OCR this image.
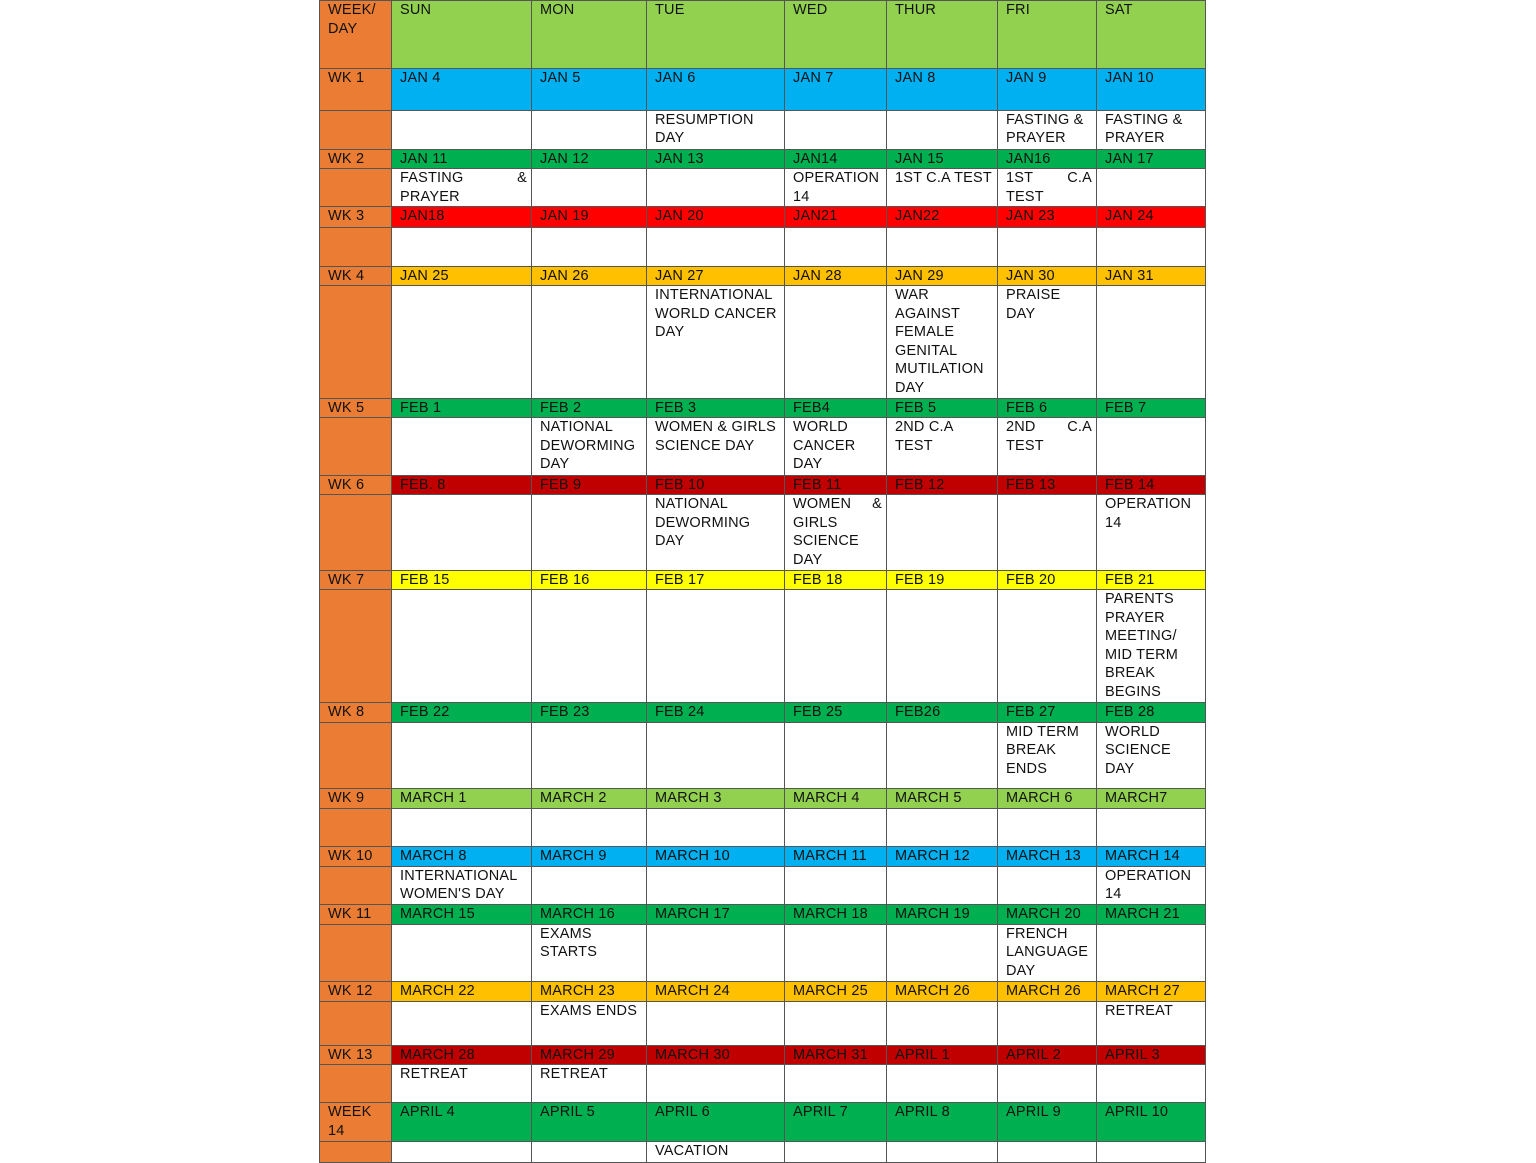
WEEK/
DAY	SUN	MON	TUE	WED	THUR	FRI	SAT
WK 1	JAN 4	JAN 5	JAN 6	JAN 7	JAN 8	JAN 9	JAN 10
			RESUMPTION DAY			FASTING & PRAYER	FASTING & PRAYER
WK 2	JAN 11	JAN 12	JAN 13	JAN14	JAN 15	JAN16	JAN 17

	FASTING & PRAYER			OPERATION 14	1ST C.A TEST	1ST C.A TEST	

WK 3	JAN18	JAN 19	JAN 20	JAN21	JAN22	JAN 23	JAN 24

WK 4	JAN 25	JAN 26	JAN 27	JAN 28	JAN 29	JAN 30	JAN 31
			INTERNATIONAL WORLD CANCER DAY		WAR AGAINST FEMALE GENITAL MUTILATION DAY	PRAISE DAY	
WK 5	FEB 1	FEB 2	FEB 3	FEB4	FEB 5	FEB 6	FEB 7
		NATIONAL DEWORMING DAY	WOMEN & GIRLS SCIENCE DAY	WORLD CANCER DAY	2ND C.A TEST	2ND C.A TEST	

WK 6	FEB. 8	FEB 9	FEB 10	FEB 11	FEB 12	FEB 13	FEB 14
			NATIONAL DEWORMING DAY	WOMEN & GIRLS SCIENCE DAY			OPERATION 14
WK 7	FEB 15	FEB 16	FEB 17	FEB 18	FEB 19	FEB 20	FEB 21
							PARENTS PRAYER MEETING/ MID TERM BREAK BEGINS
WK 8	FEB 22	FEB 23	FEB 24	FEB 25	FEB26	FEB 27	FEB 28
						MID TERM BREAK ENDS	WORLD SCIENCE DAY
WK 9	MARCH 1	MARCH 2	MARCH 3	MARCH 4	MARCH 5	MARCH 6	MARCH7

WK 10	MARCH 8	MARCH 9	MARCH 10	MARCH 11	MARCH 12	MARCH 13	MARCH 14
	INTERNATIONAL WOMEN'S DAY						OPERATION 14
WK 11	MARCH 15	MARCH 16	MARCH 17	MARCH 18	MARCH 19	MARCH 20	MARCH 21
		EXAMS STARTS				FRENCH LANGUAGE DAY	
WK 12	MARCH 22	MARCH 23	MARCH 24	MARCH 25	MARCH 26	MARCH 26	MARCH 27
		EXAMS ENDS					RETREAT
WK 13	MARCH 28	MARCH 29	MARCH 30	MARCH 31	APRIL 1	APRIL 2	APRIL 3
	RETREAT	RETREAT					
WEEK 14	APRIL 4	APRIL 5	APRIL 6	APRIL 7	APRIL 8	APRIL 9	APRIL 10
			VACATION				
